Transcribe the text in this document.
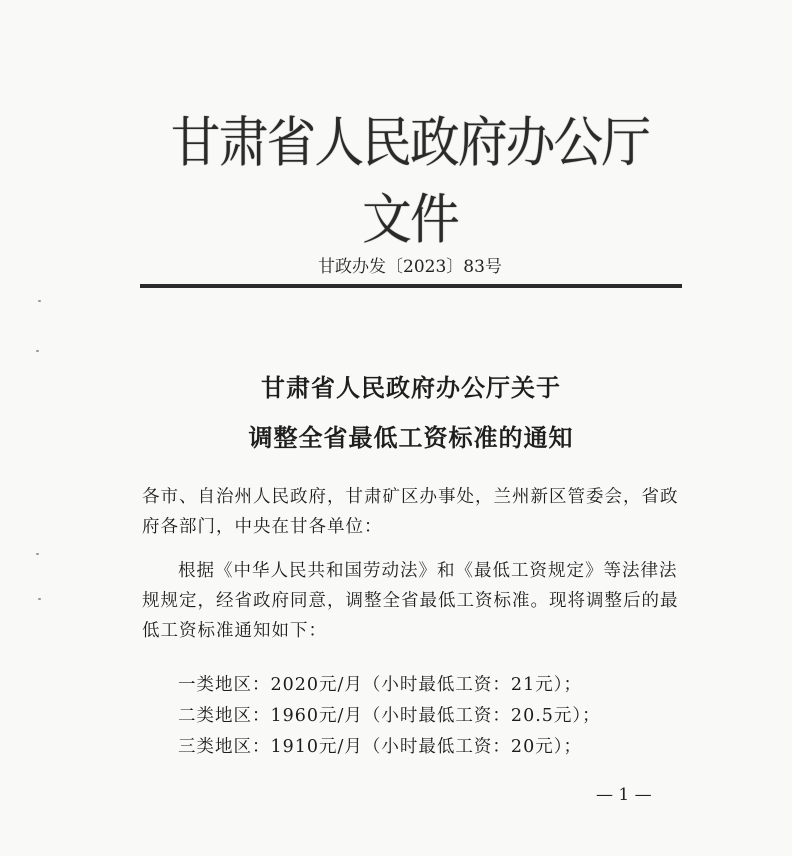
甘肃省人民政府办公厅文件
甘政办发〔2023〕83号
甘肃省人民政府办公厅关于
调整全省最低工资标准的通知
各市、自治州人民政府，甘肃矿区办事处，兰州新区管委会，省政府各部门，中央在甘各单位：
根据《中华人民共和国劳动法》和《最低工资规定》等法律法规规定，经省政府同意，调整全省最低工资标准。现将调整后的最低工资标准通知如下：
一类地区：2020元/月（小时最低工资：21元）；
二类地区：1960元/月（小时最低工资：20.5元）；
三类地区：1910元/月（小时最低工资：20元）；
— 1 —
